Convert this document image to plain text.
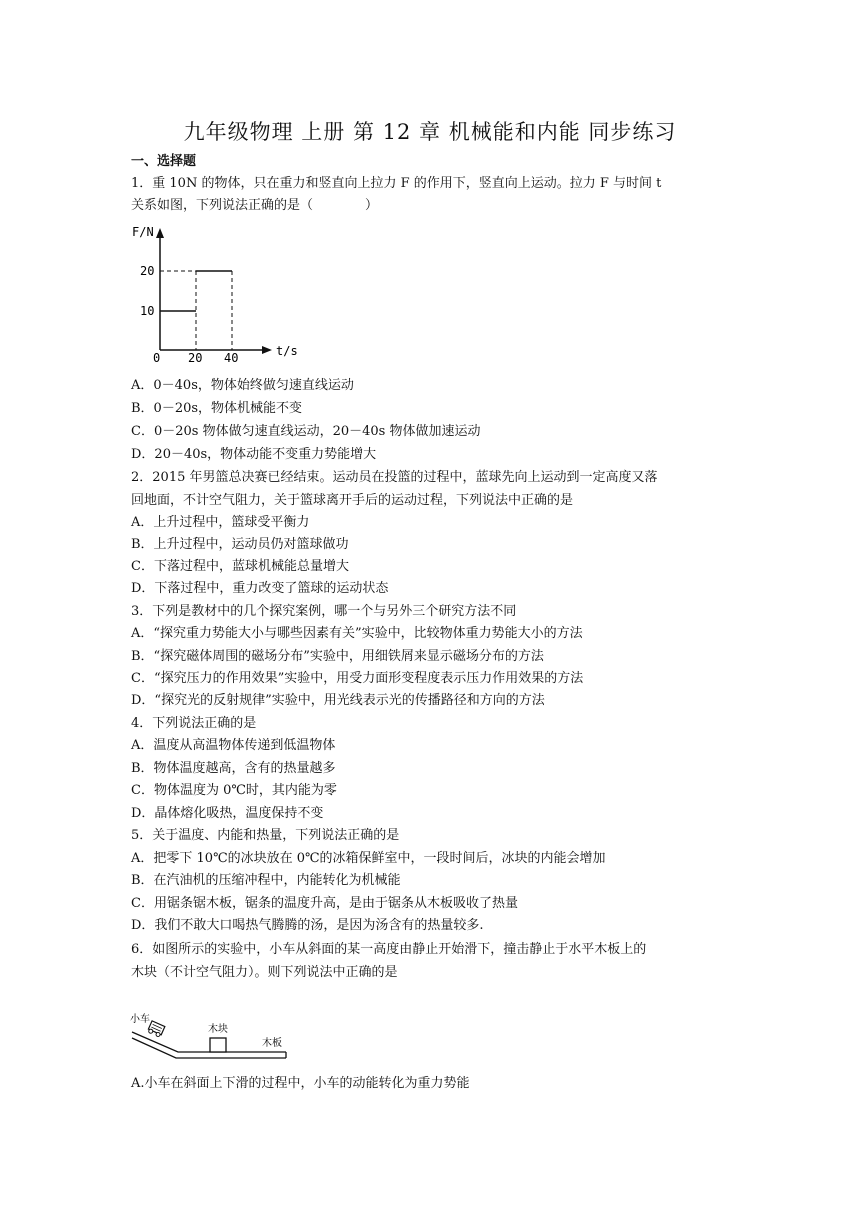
九年级物理 上册 第 12 章 机械能和内能 同步练习
一、选择题
1．重 10N 的物体，只在重力和竖直向上拉力 F 的作用下，竖直向上运动。拉力 F 与时间 t
关系如图，下列说法正确的是（　　　　）
F/N
t/s
20
10
0 20 40
A．0－40s，物体始终做匀速直线运动
B．0－20s，物体机械能不变
C．0－20s 物体做匀速直线运动，20－40s 物体做加速运动
D．20－40s，物体动能不变重力势能增大
2．2015 年男篮总决赛已经结束。运动员在投篮的过程中，蓝球先向上运动到一定高度又落
回地面，不计空气阻力，关于篮球离开手后的运动过程，下列说法中正确的是
A．上升过程中，篮球受平衡力
B．上升过程中，运动员仍对篮球做功
C．下落过程中，蓝球机械能总量增大
D．下落过程中，重力改变了篮球的运动状态
3．下列是教材中的几个探究案例，哪一个与另外三个研究方法不同
A．“探究重力势能大小与哪些因素有关”实验中，比较物体重力势能大小的方法
B．“探究磁体周围的磁场分布”实验中，用细铁屑来显示磁场分布的方法
C．“探究压力的作用效果”实验中，用受力面形变程度表示压力作用效果的方法
D．“探究光的反射规律”实验中，用光线表示光的传播路径和方向的方法
4．下列说法正确的是
A．温度从高温物体传递到低温物体
B．物体温度越高，含有的热量越多
C．物体温度为 0℃时，其内能为零
D．晶体熔化吸热，温度保持不变
5．关于温度、内能和热量，下列说法正确的是
A．把零下 10℃的冰块放在 0℃的冰箱保鲜室中，一段时间后，冰块的内能会增加
B．在汽油机的压缩冲程中，内能转化为机械能
C．用锯条锯木板，锯条的温度升高，是由于锯条从木板吸收了热量
D．我们不敢大口喝热气腾腾的汤，是因为汤含有的热量较多.
6．如图所示的实验中，小车从斜面的某一高度由静止开始滑下，撞击静止于水平木板上的
木块（不计空气阻力）。则下列说法中正确的是
小车
木块
木板
A.小车在斜面上下滑的过程中，小车的动能转化为重力势能
